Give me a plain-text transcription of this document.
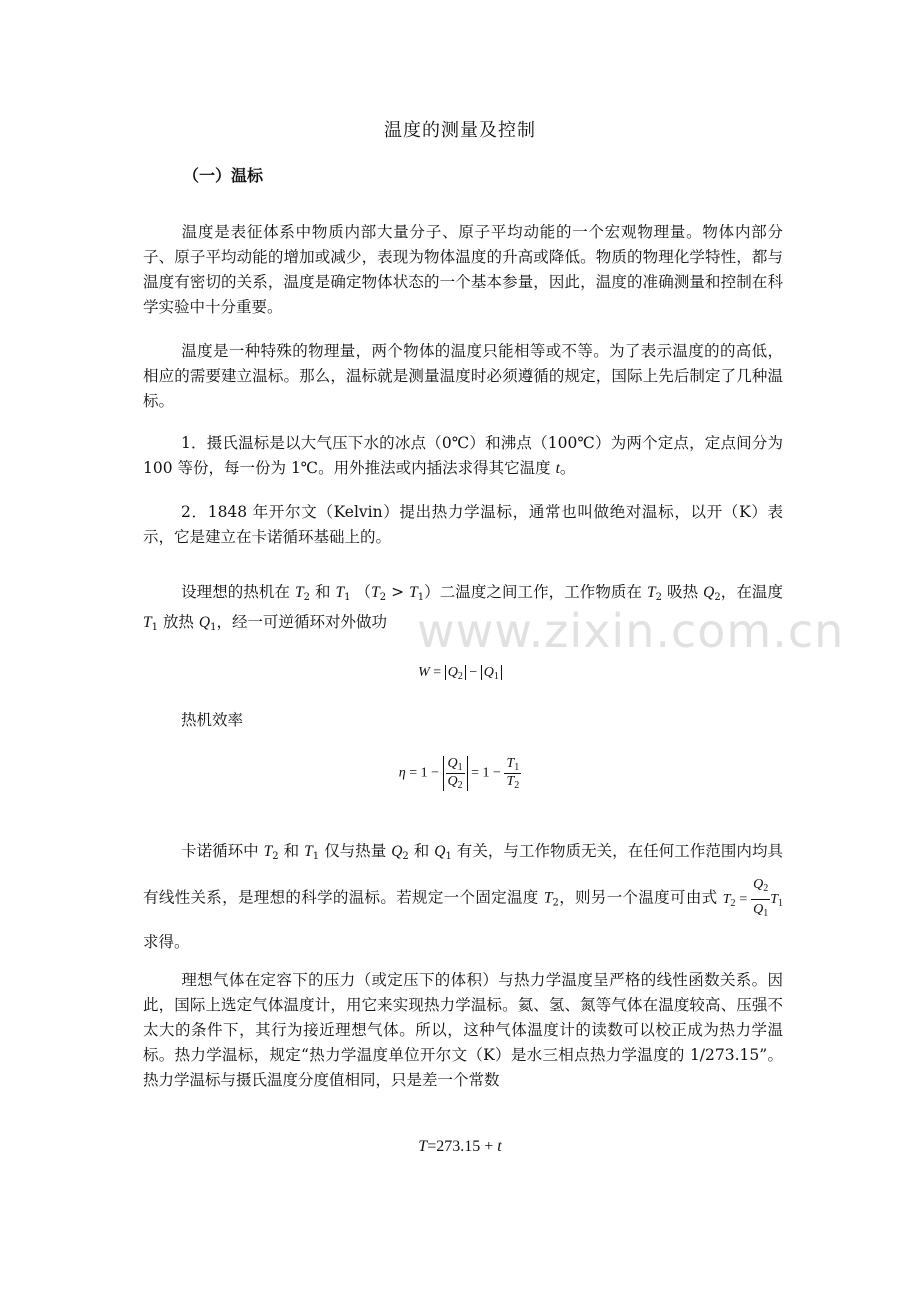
温度的测量及控制
（一）温标
温度是表征体系中物质内部大量分子、原子平均动能的一个宏观物理量。物体内部分子、原子平均动能的增加或减少，表现为物体温度的升高或降低。物质的物理化学特性，都与温度有密切的关系，温度是确定物体状态的一个基本参量，因此，温度的准确测量和控制在科学实验中十分重要。
温度是一种特殊的物理量，两个物体的温度只能相等或不等。为了表示温度的的高低，相应的需要建立温标。那么，温标就是测量温度时必须遵循的规定，国际上先后制定了几种温标。
1．摄氏温标是以大气压下水的冰点（0℃）和沸点（100℃）为两个定点，定点间分为 100 等份，每一份为 1℃。用外推法或内插法求得其它温度 t。
2．1848 年开尔文（Kelvin）提出热力学温标，通常也叫做绝对温标，以开（K）表示，它是建立在卡诺循环基础上的。
设理想的热机在 $T_2$ 和 $T_1$ $(T_2 > T_1)$二温度之间工作，工作物质在 $T_2$ 吸热 $Q_2$，在温度 $T_1$ 放热 $Q_1$，经一可逆循环对外做功
$W = Q_2 - Q_1$
热机效率
$\eta = 1 - \frac{Q_1}{Q_2} = 1 - \frac{T_1}{T_2}$
卡诺循环中 $T_2$ 和 $T_1$ 仅与热量 $Q_2$ 和 $Q_1$ 有关，与工作物质无关，在任何工作范围内均具有线性关系，是理想的科学的温标。若规定一个固定温度 $T_2$，则另一个温度可由式 $T_2 = \frac{Q_2}{Q_1} T_1$ 求得。
理想气体在定容下的压力（或定压下的体积）与热力学温度呈严格的线性函数关系。因此，国际上选定气体温度计，用它来实现热力学温标。氦、氢、氮等气体在温度较高、压强不太大的条件下，其行为接近理想气体。所以，这种气体温度计的读数可以校正成为热力学温标。热力学温标，规定“热力学温度单位开尔文（K）是水三相点热力学温度的 1/273.15”。热力学温标与摄氏温度分度值相同，只是差一个常数
T=273.15 + t
www.zixin.com.cn
